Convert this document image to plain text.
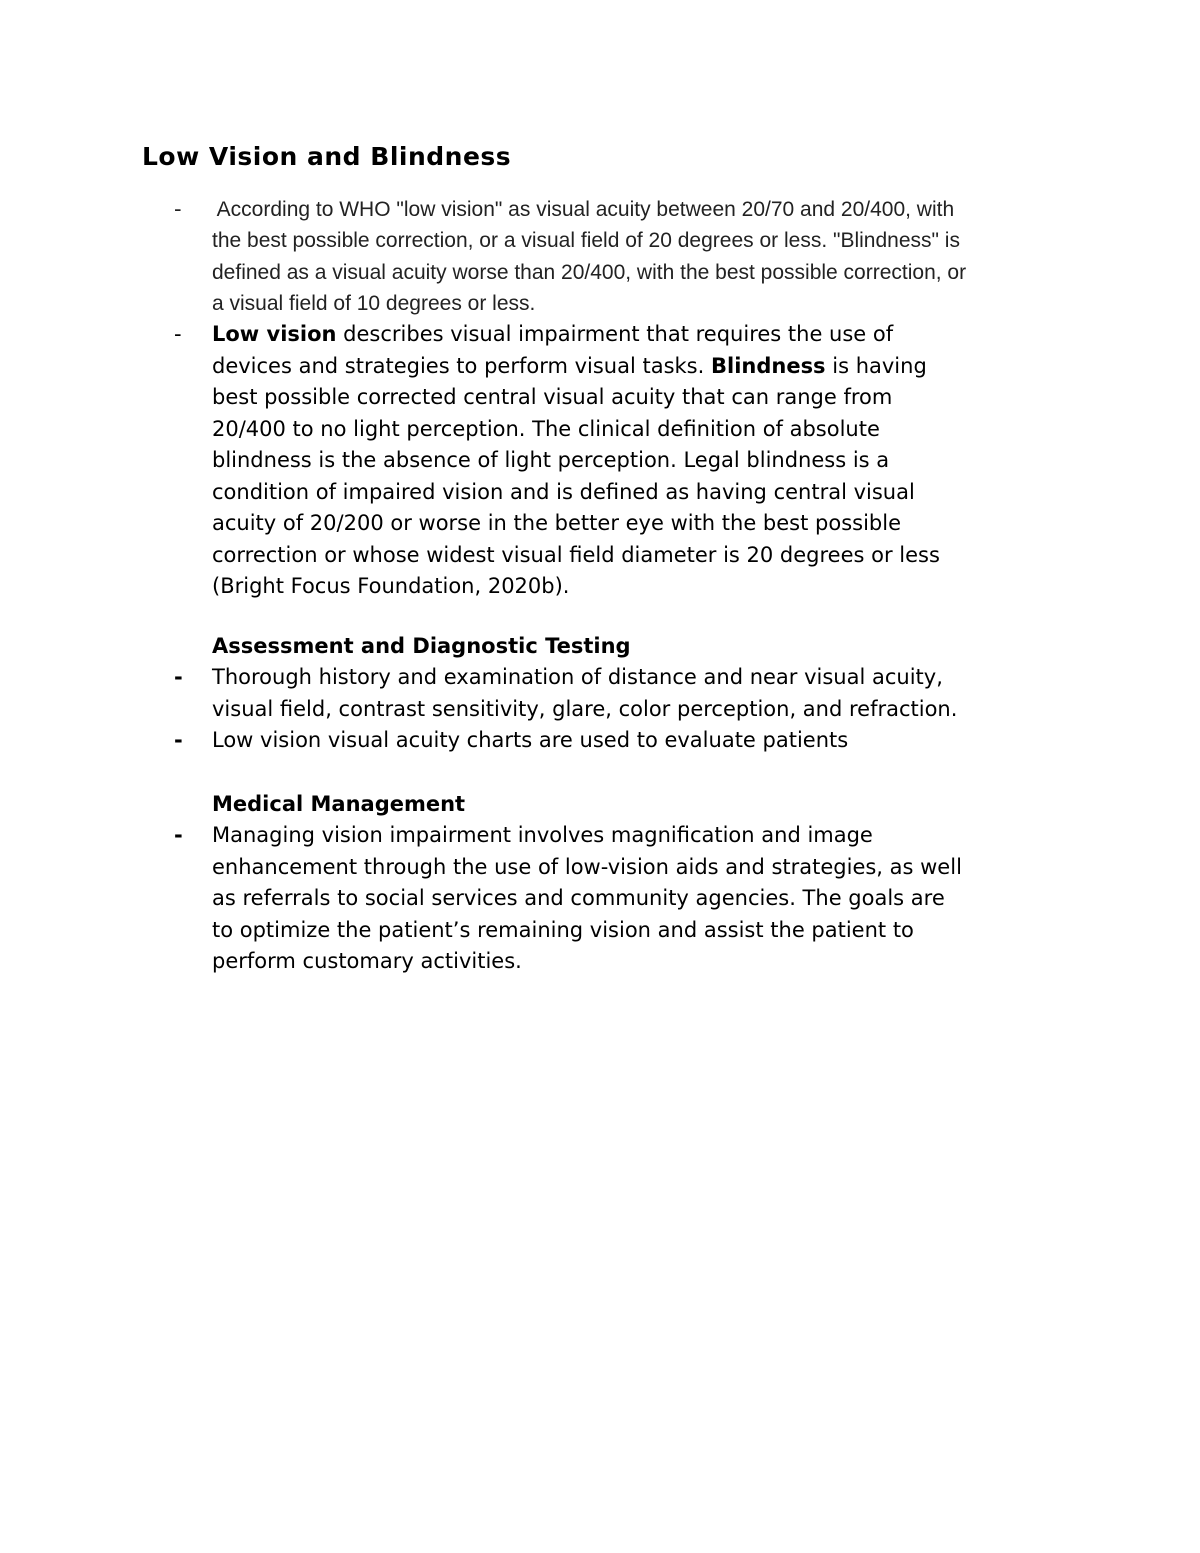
Low Vision and Blindness
-	According to WHO "low vision" as visual acuity between 20/70 and 20/400, with
the best possible correction, or a visual field of 20 degrees or less. "Blindness" is
defined as a visual acuity worse than 20/400, with the best possible correction, or
a visual field of 10 degrees or less.
-	Low vision describes visual impairment that requires the use of
devices and strategies to perform visual tasks. Blindness is having
best possible corrected central visual acuity that can range from
20/400 to no light perception. The clinical definition of absolute
blindness is the absence of light perception. Legal blindness is a
condition of impaired vision and is defined as having central visual
acuity of 20/200 or worse in the better eye with the best possible
correction or whose widest visual field diameter is 20 degrees or less
(Bright Focus Foundation, 2020b).
Assessment and Diagnostic Testing
-	Thorough history and examination of distance and near visual acuity,
visual field, contrast sensitivity, glare, color perception, and refraction.
-	Low vision visual acuity charts are used to evaluate patients
Medical Management
-	Managing vision impairment involves magnification and image
enhancement through the use of low-vision aids and strategies, as well
as referrals to social services and community agencies. The goals are
to optimize the patient’s remaining vision and assist the patient to
perform customary activities.
